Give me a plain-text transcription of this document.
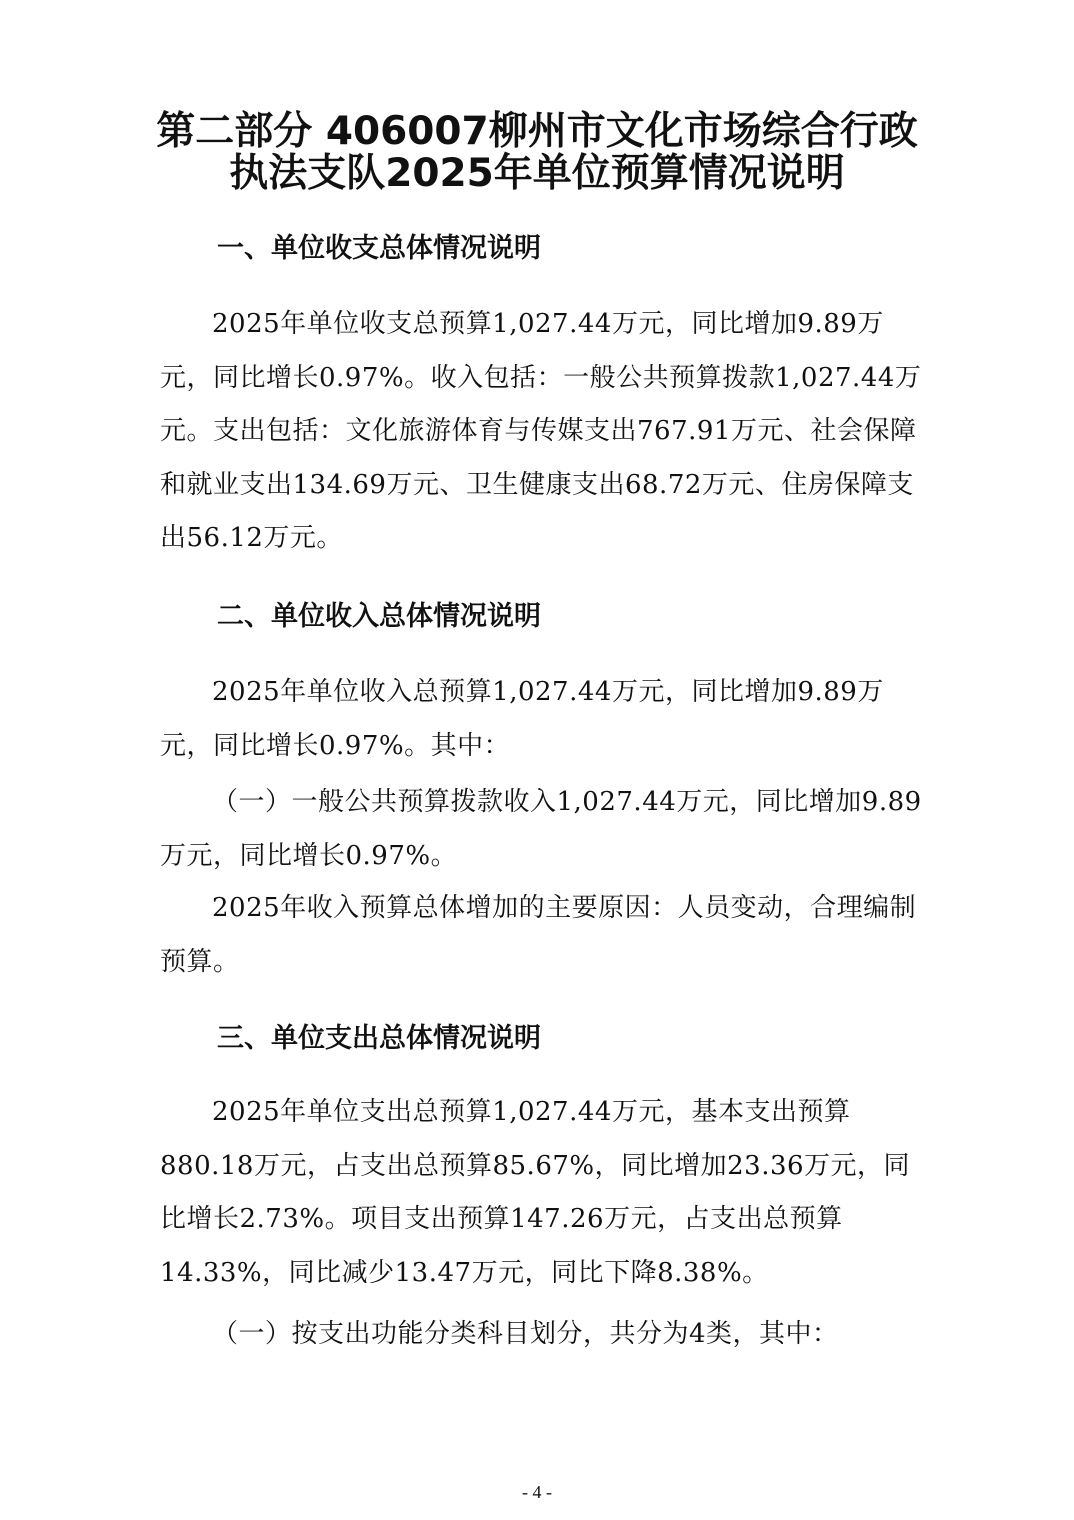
第二部分 406007柳州市文化市场综合行政
执法支队2025年单位预算情况说明
一、单位收支总体情况说明

2025年单位收支总预算1,027.44万元，同比增加9.89万元，同比增长0.97%。收入包括：一般公共预算拨款1,027.44万元。支出包括：文化旅游体育与传媒支出767.91万元、社会保障和就业支出134.69万元、卫生健康支出68.72万元、住房保障支出56.12万元。

二、单位收入总体情况说明

2025年单位收入总预算1,027.44万元，同比增加9.89万元，同比增长0.97%。其中：

（一）一般公共预算拨款收入1,027.44万元，同比增加9.89万元，同比增长0.97%。

2025年收入预算总体增加的主要原因：人员变动，合理编制预算。

三、单位支出总体情况说明

2025年单位支出总预算1,027.44万元，基本支出预算880.18万元，占支出总预算85.67%，同比增加23.36万元，同比增长2.73%。项目支出预算147.26万元，占支出总预算14.33%，同比减少13.47万元，同比下降8.38%。

（一）按支出功能分类科目划分，共分为4类，其中：

- 4 -
